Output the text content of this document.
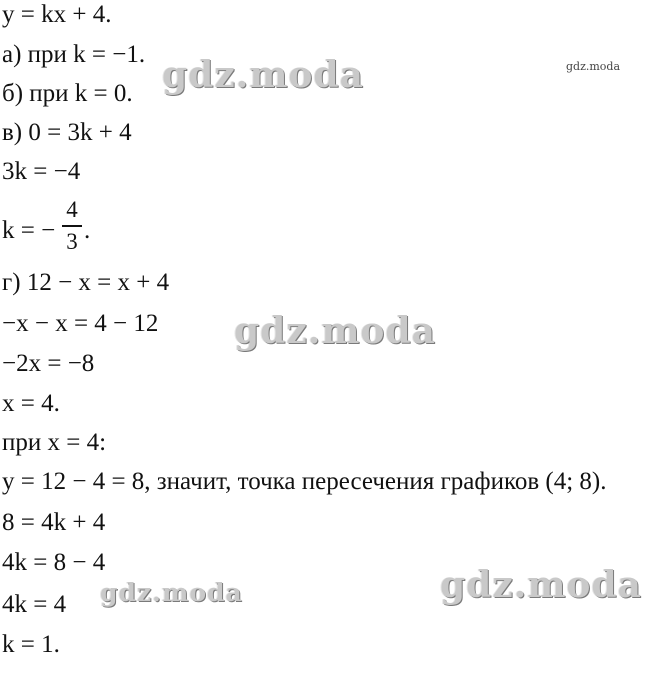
y = kx + 4.
а) при k = −1.
б) при k = 0.
в) 0 = 3k + 4
3k = −4
k = −
4
3 .
г) 12 − x = x + 4
−x − x = 4 − 12
−2x = −8
x = 4.
при x = 4:
y = 12 − 4 = 8, значит, точка пересечения графиков (4; 8).
8 = 4k + 4
4k = 8 − 4
4k = 4
k = 1.
gdz.moda	gdz.moda
gdz.moda
gdz.moda	gdz.moda
